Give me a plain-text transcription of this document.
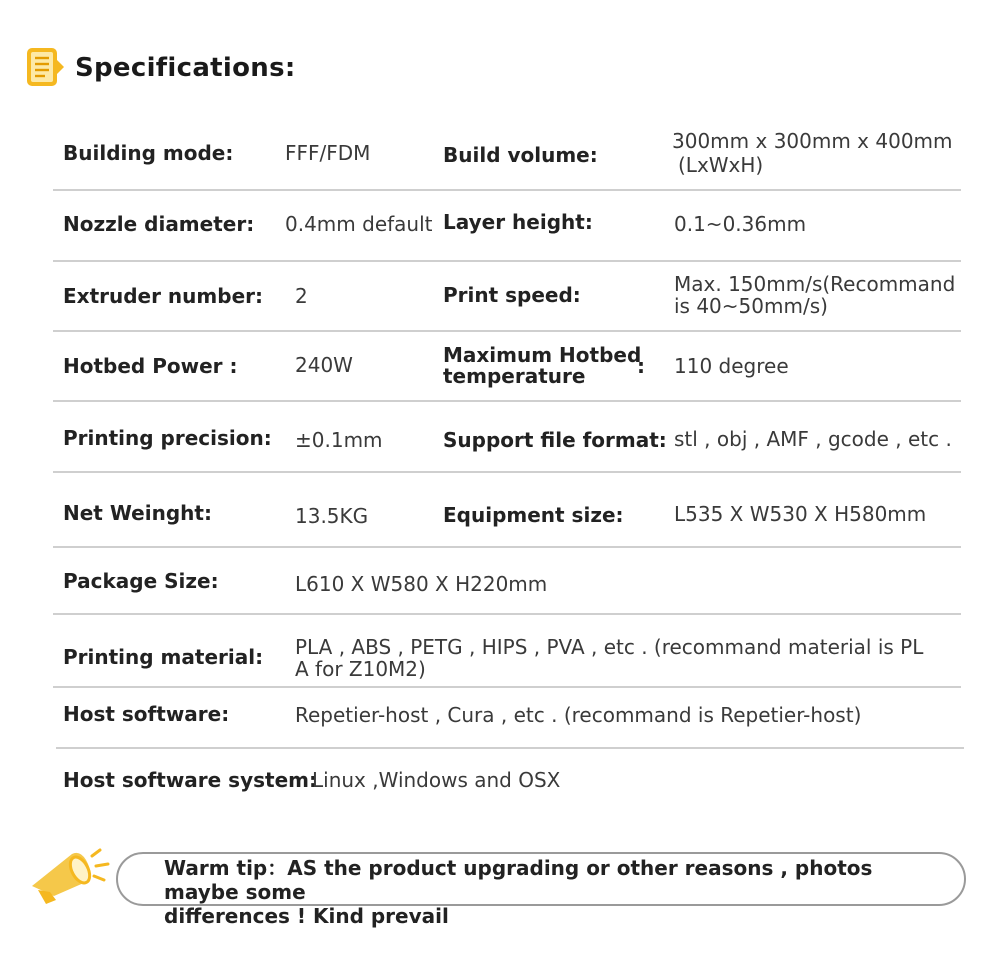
Specifications:
Building mode:	FFF/FDM	Build volume:
300mm x 300mm x 400mm
(LxWxH)
Nozzle diameter: 0.4mm default Layer height:	0.1~0.36mm
Extruder number: 2	Print speed:	Max. 150mm/s(Recommand
is 40~50mm/s)
Hotbed Power :	240W	Maximum Hotbed
temperature	: 110 degree
Printing precision: ±0.1mm	Support file format: stl , obj , AMF , gcode , etc .
Net Weinght:	13.5KG	Equipment size:	L535 X W530 X H580mm
Package Size:	L610 X W580 X H220mm
Printing material: PLA , ABS , PETG , HIPS , PVA , etc . (recommand material is PL
A for Z10M2)
Host software:	Repetier-host , Cura , etc . (recommand is Repetier-host)
Host software system:
Linux ,Windows and OSX
Warm tip：AS the product upgrading or other reasons , photos maybe some
differences ! Kind prevail
